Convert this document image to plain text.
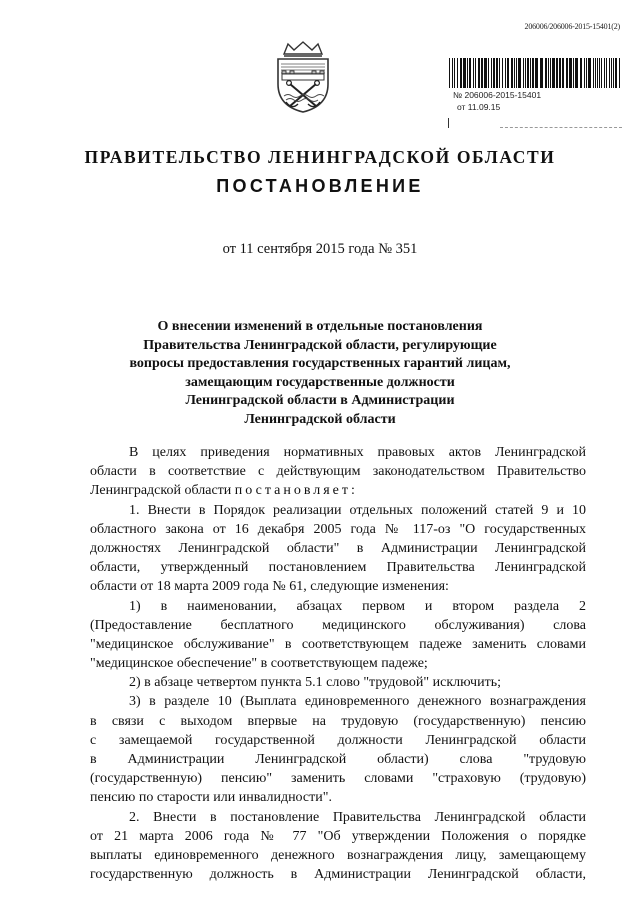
206006/206006-2015-15401(2)
№ 206006-2015-15401
от 11.09.15
ПРАВИТЕЛЬСТВО ЛЕНИНГРАДСКОЙ ОБЛАСТИ
ПОСТАНОВЛЕНИЕ
от 11 сентября 2015 года № 351
О внесении изменений в отдельные постановления
Правительства Ленинградской области, регулирующие
вопросы предоставления государственных гарантий лицам,
замещающим государственные должности
Ленинградской области в Администрации
Ленинградской области
В целях приведения нормативных правовых актов Ленинградской
области в соответствие с действующим законодательством Правительство
Ленинградской области постановляет:
1. Внести в Порядок реализации отдельных положений статей 9 и 10
областного закона от 16 декабря 2005 года № 117-оз "О государственных
должностях Ленинградской области" в Администрации Ленинградской
области, утвержденный постановлением Правительства Ленинградской
области от 18 марта 2009 года № 61, следующие изменения:
1) в наименовании, абзацах первом и втором раздела 2
(Предоставление бесплатного медицинского обслуживания) слова
"медицинское обслуживание" в соответствующем падеже заменить словами
"медицинское обеспечение" в соответствующем падеже;
2) в абзаце четвертом пункта 5.1 слово "трудовой" исключить;
3) в разделе 10 (Выплата единовременного денежного вознаграждения
в связи с выходом впервые на трудовую (государственную) пенсию
с замещаемой государственной должности Ленинградской области
в Администрации Ленинградской области) слова "трудовую
(государственную) пенсию" заменить словами "страховую (трудовую)
пенсию по старости или инвалидности".
2. Внести в постановление Правительства Ленинградской области
от 21 марта 2006 года № 77 "Об утверждении Положения о порядке
выплаты единовременного денежного вознаграждения лицу, замещающему
государственную должность в Администрации Ленинградской области,
